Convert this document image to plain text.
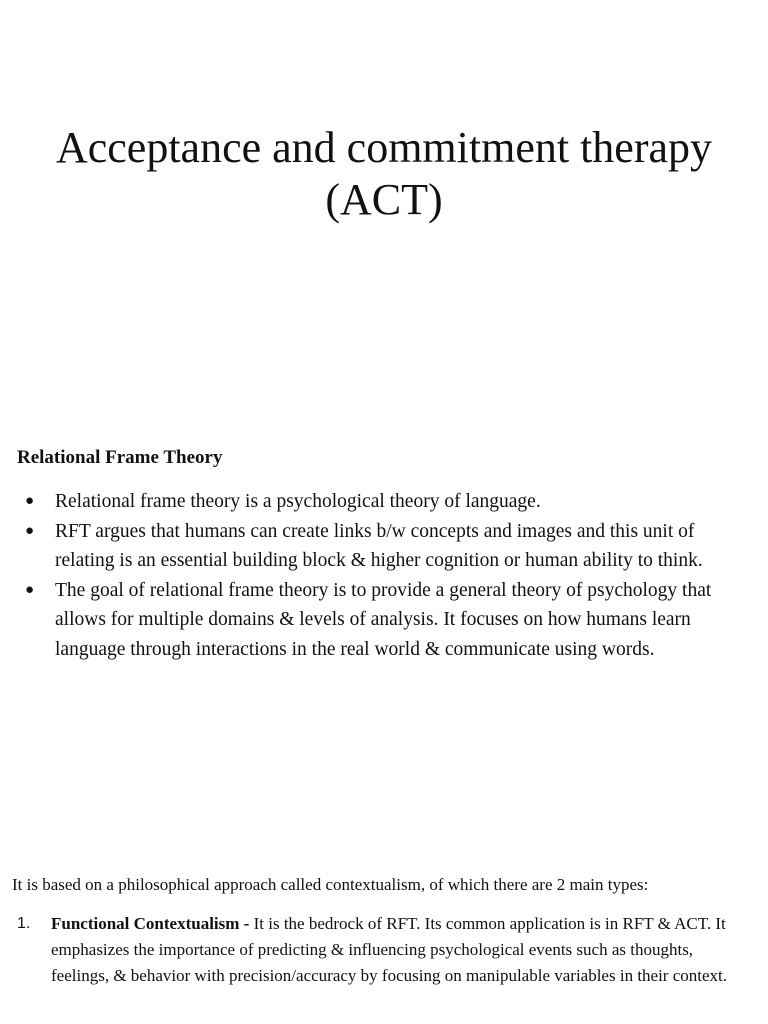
Acceptance and commitment therapy
(ACT)
Relational Frame Theory
● Relational frame theory is a psychological theory of language.
● RFT argues that humans can create links b/w concepts and images and this unit of relating is an essential building block & higher cognition or human ability to think.
● The goal of relational frame theory is to provide a general theory of psychology that allows for multiple domains & levels of analysis. It focuses on how humans learn language through interactions in the real world & communicate using words.

It is based on a philosophical approach called contextualism, of which there are 2 main types:

1. Functional Contextualism - It is the bedrock of RFT. Its common application is in RFT & ACT. It emphasizes the importance of predicting & influencing psychological events such as thoughts, feelings, & behavior with precision/accuracy by focusing on manipulable variables in their context.
